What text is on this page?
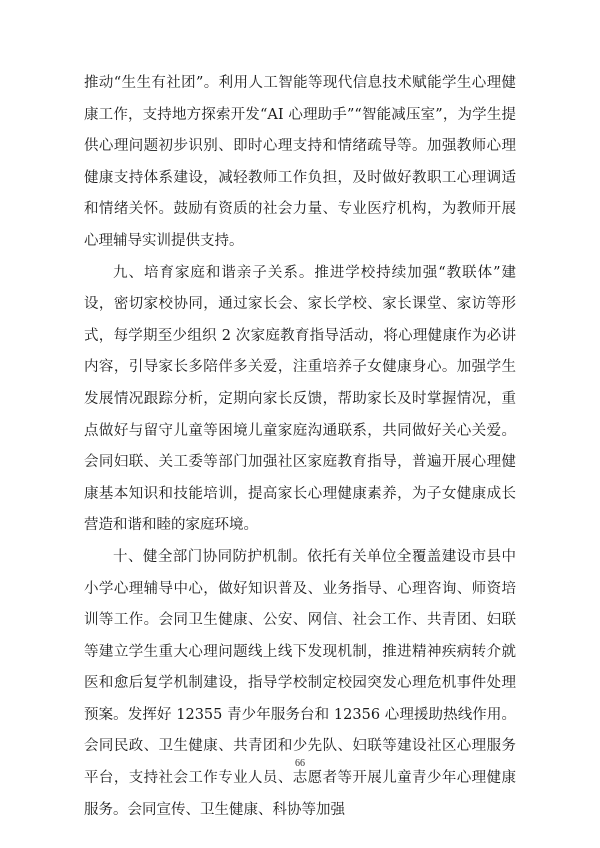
推动“生生有社团”。利用人工智能等现代信息技术赋能学生心理健康工作，支持地方探索开发“AI 心理助手”“智能减压室”，为学生提供心理问题初步识别、即时心理支持和情绪疏导等。加强教师心理健康支持体系建设，减轻教师工作负担，及时做好教职工心理调适和情绪关怀。鼓励有资质的社会力量、专业医疗机构，为教师开展心理辅导实训提供支持。

九、培育家庭和谐亲子关系。推进学校持续加强“教联体”建设，密切家校协同，通过家长会、家长学校、家长课堂、家访等形式，每学期至少组织 2 次家庭教育指导活动，将心理健康作为必讲内容，引导家长多陪伴多关爱，注重培养子女健康身心。加强学生发展情况跟踪分析，定期向家长反馈，帮助家长及时掌握情况，重点做好与留守儿童等困境儿童家庭沟通联系，共同做好关心关爱。会同妇联、关工委等部门加强社区家庭教育指导，普遍开展心理健康基本知识和技能培训，提高家长心理健康素养，为子女健康成长营造和谐和睦的家庭环境。

十、健全部门协同防护机制。依托有关单位全覆盖建设市县中小学心理辅导中心，做好知识普及、业务指导、心理咨询、师资培训等工作。会同卫生健康、公安、网信、社会工作、共青团、妇联等建立学生重大心理问题线上线下发现机制，推进精神疾病转介就医和愈后复学机制建设，指导学校制定校园突发心理危机事件处理预案。发挥好 12355 青少年服务台和 12356 心理援助热线作用。会同民政、卫生健康、共青团和少先队、妇联等建设社区心理服务平台，支持社会工作专业人员、志愿者等开展儿童青少年心理健康服务。会同宣传、卫生健康、科协等加强

66
